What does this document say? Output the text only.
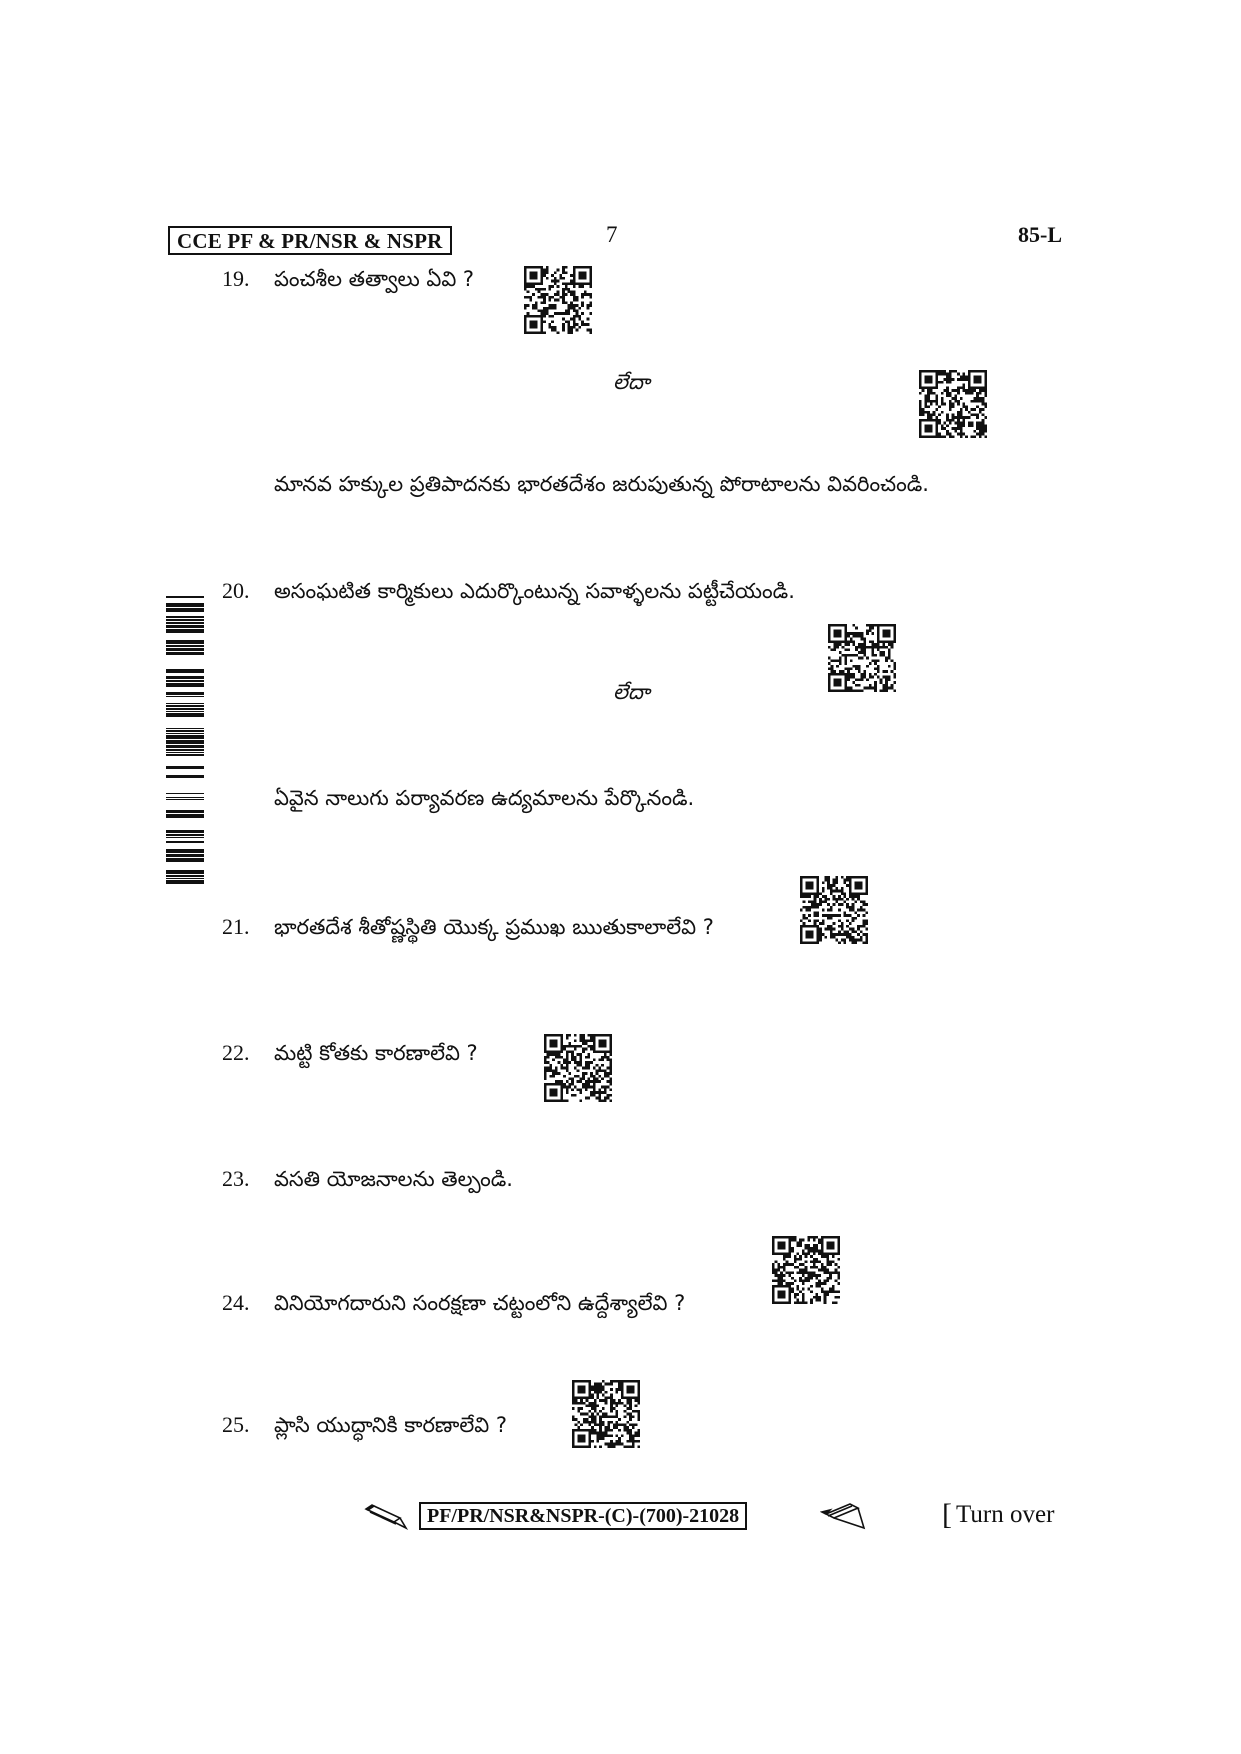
CCE PF & PR/NSR & NSPR	7	85-L
19. పంచశీల తత్వాలు ఏవి ?
లేదా
మానవ హక్కుల ప్రతిపాదనకు భారతదేశం జరుపుతున్న పోరాటాలను వివరించండి.
20. అసంఘటిత కార్మికులు ఎదుర్కొంటున్న సవాళ్ళలను పట్టీచేయండి.
లేదా
ఏవైన నాలుగు పర్యావరణ ఉద్యమాలను పేర్కొనండి.
21. భారతదేశ శీతోష్ణస్థితి యొక్క ప్రముఖ ఋతుకాలాలేవి ?
22. మట్టి కోతకు కారణాలేవి ?
23. వసతి యోజనాలను తెల్పండి.
24. వినియోగదారుని సంరక్షణా చట్టంలోని ఉద్దేశ్యాలేవి ?
25. ప్లాసి యుద్ధానికి కారణాలేవి ?
PF/PR/NSR&NSPR-(C)-(700)-21028	[ Turn over
